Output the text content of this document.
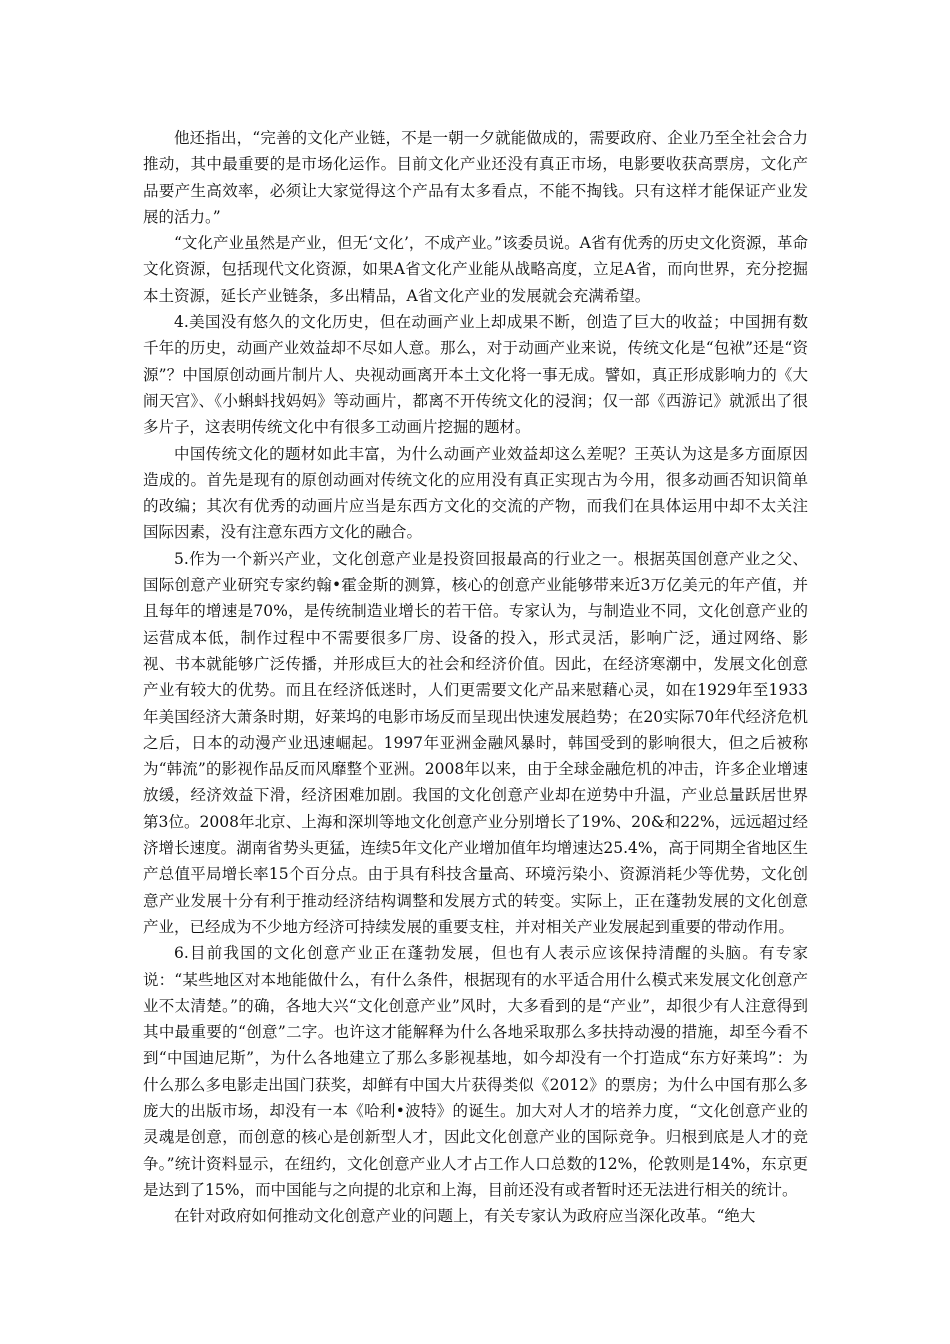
他还指出，“完善的文化产业链，不是一朝一夕就能做成的，需要政府、企业乃至全社会合力推动，其中最重要的是市场化运作。目前文化产业还没有真正市场，电影要收获高票房，文化产品要产生高效率，必须让大家觉得这个产品有太多看点，不能不掏钱。只有这样才能保证产业发展的活力。”

“文化产业虽然是产业，但无‘文化’，不成产业。”该委员说。A省有优秀的历史文化资源，革命文化资源，包括现代文化资源，如果A省文化产业能从战略高度，立足A省，而向世界，充分挖掘本土资源，延长产业链条，多出精品，A省文化产业的发展就会充满希望。

4.美国没有悠久的文化历史，但在动画产业上却成果不断，创造了巨大的收益；中国拥有数千年的历史，动画产业效益却不尽如人意。那么，对于动画产业来说，传统文化是“包袱”还是“资源”？中国原创动画片制片人、央视动画离开本土文化将一事无成。譬如，真正形成影响力的《大闹天宫》、《小蝌蚪找妈妈》等动画片，都离不开传统文化的浸润；仅一部《西游记》就派出了很多片子，这表明传统文化中有很多工动画片挖掘的题材。

中国传统文化的题材如此丰富，为什么动画产业效益却这么差呢？王英认为这是多方面原因造成的。首先是现有的原创动画对传统文化的应用没有真正实现古为今用，很多动画否知识简单的改编；其次有优秀的动画片应当是东西方文化的交流的产物，而我们在具体运用中却不太关注国际因素，没有注意东西方文化的融合。

5.作为一个新兴产业，文化创意产业是投资回报最高的行业之一。根据英国创意产业之父、国际创意产业研究专家约翰•霍金斯的测算，核心的创意产业能够带来近3万亿美元的年产值，并且每年的增速是70%，是传统制造业增长的若干倍。专家认为，与制造业不同，文化创意产业的运营成本低，制作过程中不需要很多厂房、设备的投入，形式灵活，影响广泛，通过网络、影视、书本就能够广泛传播，并形成巨大的社会和经济价值。因此，在经济寒潮中，发展文化创意产业有较大的优势。而且在经济低迷时，人们更需要文化产品来慰藉心灵，如在1929年至1933年美国经济大萧条时期，好莱坞的电影市场反而呈现出快速发展趋势；在20实际70年代经济危机之后，日本的动漫产业迅速崛起。1997年亚洲金融风暴时，韩国受到的影响很大，但之后被称为“韩流”的影视作品反而风靡整个亚洲。2008年以来，由于全球金融危机的冲击，许多企业增速放缓，经济效益下滑，经济困难加剧。我国的文化创意产业却在逆势中升温，产业总量跃居世界第3位。2008年北京、上海和深圳等地文化创意产业分别增长了19%、20&和22%，远远超过经济增长速度。湖南省势头更猛，连续5年文化产业增加值年均增速达25.4%，高于同期全省地区生产总值平局增长率15个百分点。由于具有科技含量高、环境污染小、资源消耗少等优势，文化创意产业发展十分有利于推动经济结构调整和发展方式的转变。实际上，正在蓬勃发展的文化创意产业，已经成为不少地方经济可持续发展的重要支柱，并对相关产业发展起到重要的带动作用。

6.目前我国的文化创意产业正在蓬勃发展，但也有人表示应该保持清醒的头脑。有专家说：“某些地区对本地能做什么，有什么条件，根据现有的水平适合用什么模式来发展文化创意产业不太清楚。”的确，各地大兴“文化创意产业”风时，大多看到的是“产业”，却很少有人注意得到其中最重要的“创意”二字。也许这才能解释为什么各地采取那么多扶持动漫的措施，却至今看不到“中国迪尼斯”，为什么各地建立了那么多影视基地，如今却没有一个打造成“东方好莱坞”：为什么那么多电影走出国门获奖，却鲜有中国大片获得类似《2012》的票房；为什么中国有那么多庞大的出版市场，却没有一本《哈利•波特》的诞生。加大对人才的培养力度，“文化创意产业的灵魂是创意，而创意的核心是创新型人才，因此文化创意产业的国际竞争。归根到底是人才的竞争。”统计资料显示，在纽约，文化创意产业人才占工作人口总数的12%，伦敦则是14%，东京更是达到了15%，而中国能与之向提的北京和上海，目前还没有或者暂时还无法进行相关的统计。

在针对政府如何推动文化创意产业的问题上，有关专家认为政府应当深化改革。“绝大
